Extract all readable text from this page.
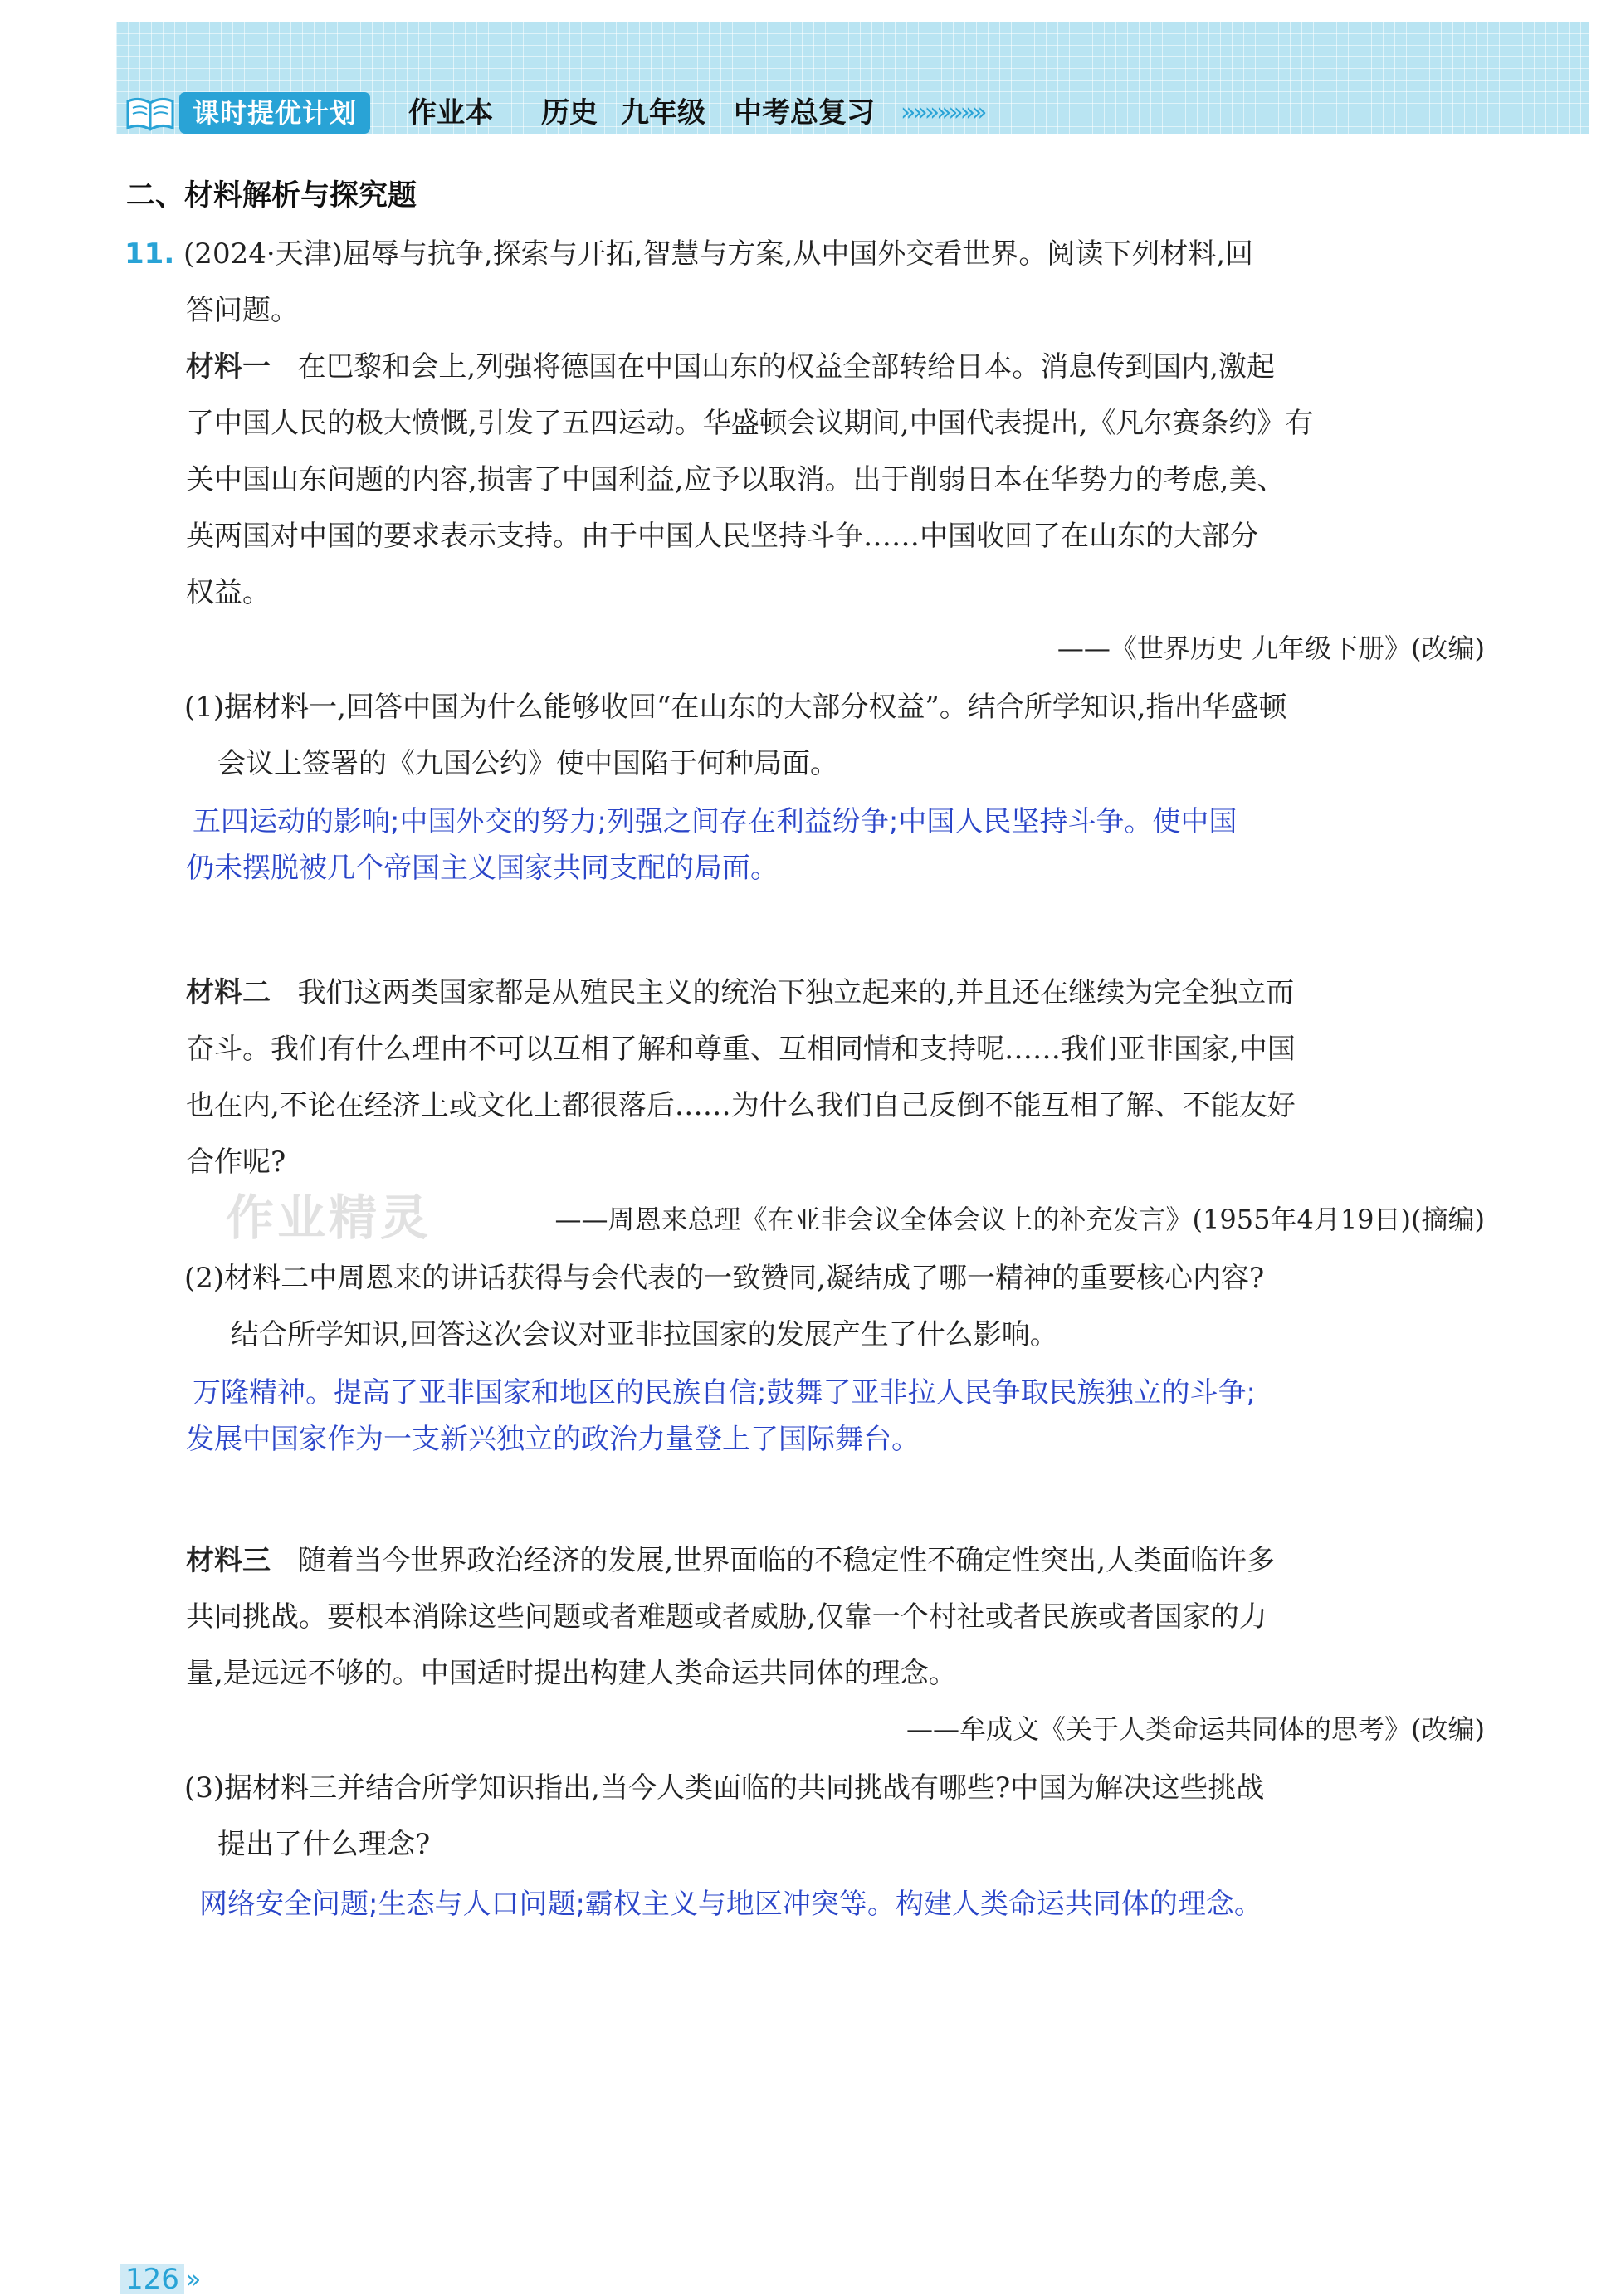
课时提优计划	作业本 历史 九年级 中考总复习 »»»»»»»
二、材料解析与探究题
11. (2024·天津)屈辱与抗争,探索与开拓,智慧与方案,从中国外交看世界。阅读下列材料,回
答问题。
材料一 在巴黎和会上,列强将德国在中国山东的权益全部转给日本。消息传到国内,激起
了中国人民的极大愤慨,引发了五四运动。华盛顿会议期间,中国代表提出,《凡尔赛条约》有
关中国山东问题的内容,损害了中国利益,应予以取消。出于削弱日本在华势力的考虑,美、
英两国对中国的要求表示支持。由于中国人民坚持斗争……中国收回了在山东的大部分
权益。
——《世界历史 九年级下册》(改编)
(1)据材料一,回答中国为什么能够收回“在山东的大部分权益”。结合所学知识,指出华盛顿
会议上签署的《九国公约》使中国陷于何种局面。
五四运动的影响;中国外交的努力;列强之间存在利益纷争;中国人民坚持斗争。使中国
仍未摆脱被几个帝国主义国家共同支配的局面。
材料二 我们这两类国家都是从殖民主义的统治下独立起来的,并且还在继续为完全独立而
奋斗。我们有什么理由不可以互相了解和尊重、互相同情和支持呢……我们亚非国家,中国
也在内,不论在经济上或文化上都很落后……为什么我们自己反倒不能互相了解、不能友好
合作呢?
作业精灵	——周恩来总理《在亚非会议全体会议上的补充发言》(1955年4月19日)(摘编)
(2)材料二中周恩来的讲话获得与会代表的一致赞同,凝结成了哪一精神的重要核心内容?
结合所学知识,回答这次会议对亚非拉国家的发展产生了什么影响。
万隆精神。提高了亚非国家和地区的民族自信;鼓舞了亚非拉人民争取民族独立的斗争;
发展中国家作为一支新兴独立的政治力量登上了国际舞台。
材料三 随着当今世界政治经济的发展,世界面临的不稳定性不确定性突出,人类面临许多
共同挑战。要根本消除这些问题或者难题或者威胁,仅靠一个村社或者民族或者国家的力
量,是远远不够的。中国适时提出构建人类命运共同体的理念。
——牟成文《关于人类命运共同体的思考》(改编)
(3)据材料三并结合所学知识指出,当今人类面临的共同挑战有哪些?中国为解决这些挑战
提出了什么理念?
网络安全问题;生态与人口问题;霸权主义与地区冲突等。构建人类命运共同体的理念。
126 »
